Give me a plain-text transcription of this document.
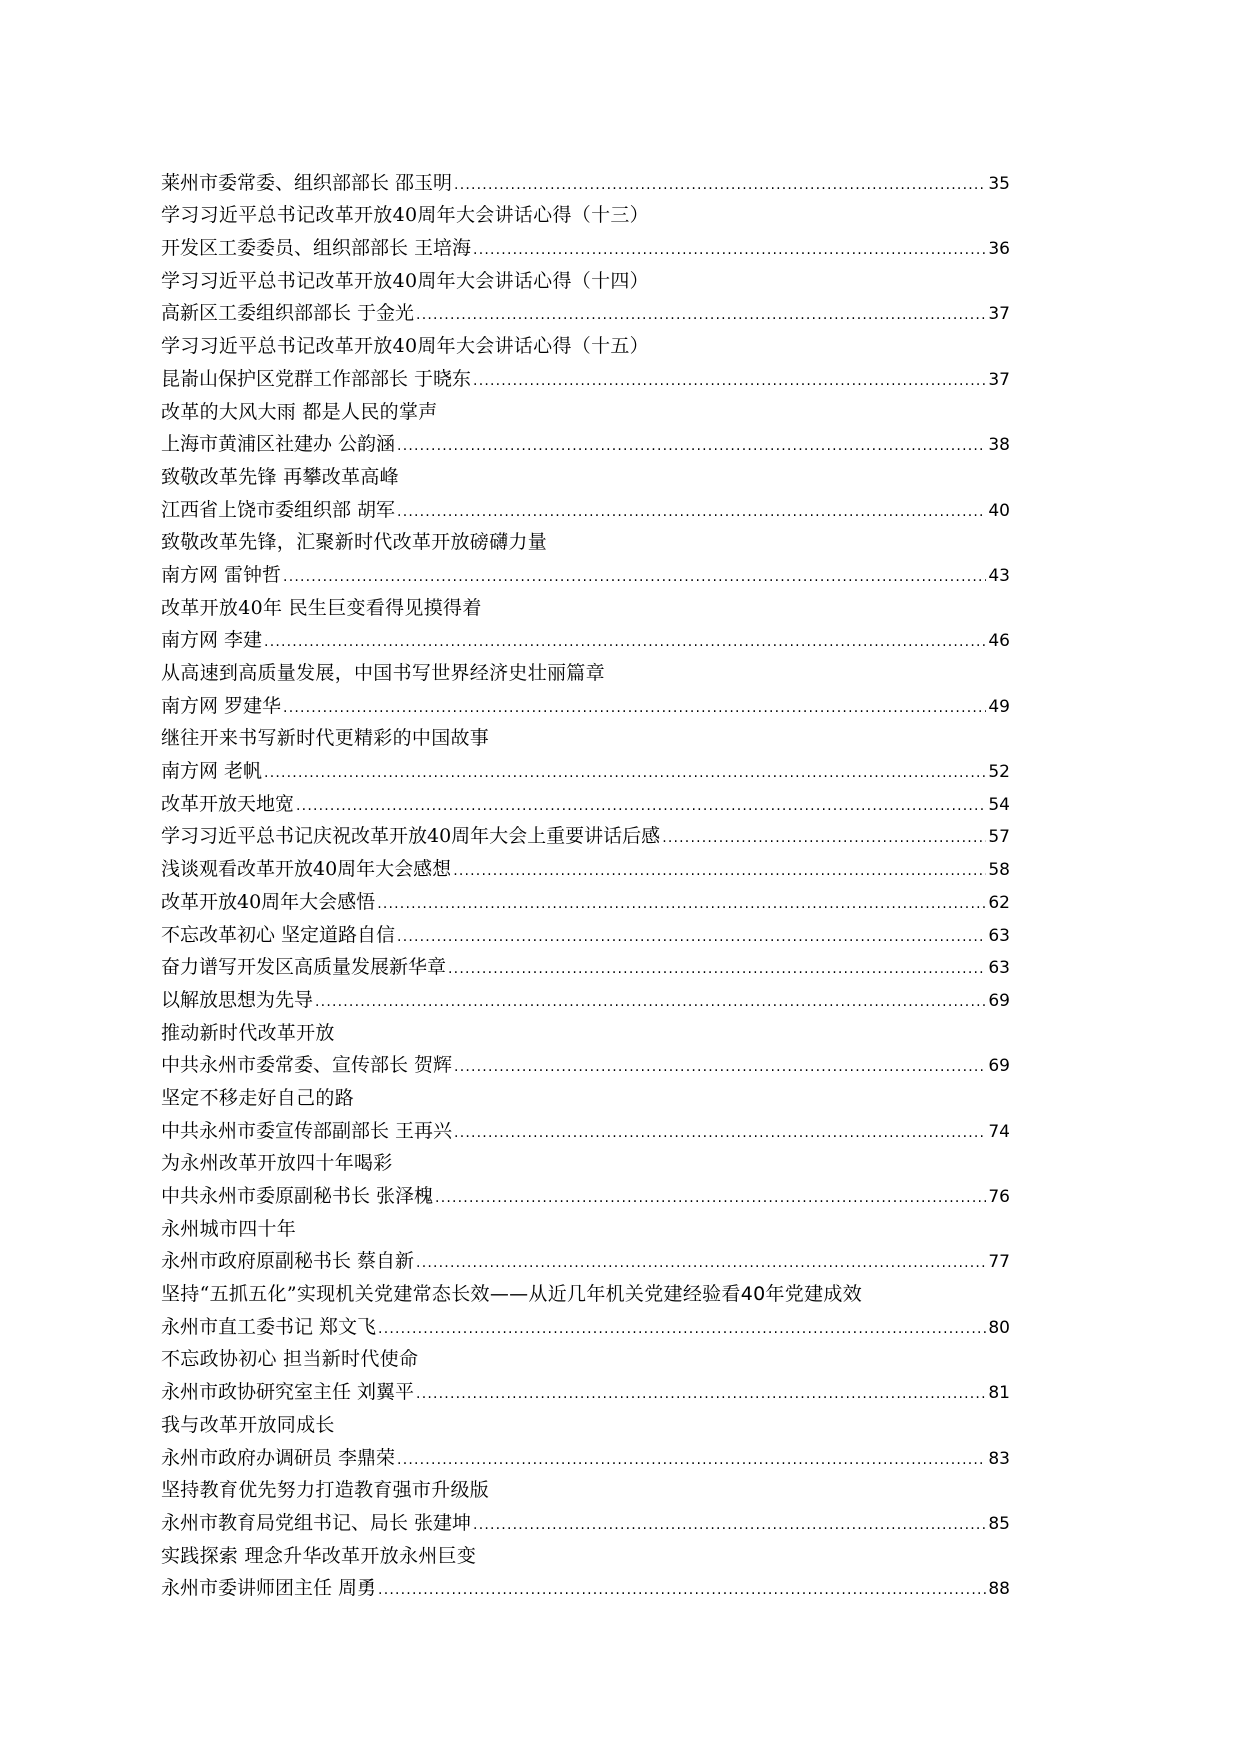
莱州市委常委、组织部部长 邵玉明 .....	35
学习习近平总书记改革开放40周年大会讲话心得（十三）
开发区工委委员、组织部部长 王培海 .....	36
学习习近平总书记改革开放40周年大会讲话心得（十四）
高新区工委组织部部长 于金光 .....	37
学习习近平总书记改革开放40周年大会讲话心得（十五）
昆嵛山保护区党群工作部部长 于晓东 .....	37
改革的大风大雨 都是人民的掌声
上海市黄浦区社建办 公韵涵 .....	38
致敬改革先锋 再攀改革高峰
江西省上饶市委组织部 胡军 .....	40
致敬改革先锋，汇聚新时代改革开放磅礴力量
南方网 雷钟哲 .....	43
改革开放40年 民生巨变看得见摸得着
南方网 李建 .....	46
从高速到高质量发展，中国书写世界经济史壮丽篇章
南方网 罗建华 .....	49
继往开来书写新时代更精彩的中国故事
南方网 老帆 .....	52
改革开放天地宽 .....	54
学习习近平总书记庆祝改革开放40周年大会上重要讲话后感 .....	57
浅谈观看改革开放40周年大会感想 .....	58
改革开放40周年大会感悟 .....	62
不忘改革初心 坚定道路自信 .....	63
奋力谱写开发区高质量发展新华章 .....	63
以解放思想为先导 .....	69
推动新时代改革开放
中共永州市委常委、宣传部长 贺辉 .....	69
坚定不移走好自己的路
中共永州市委宣传部副部长 王再兴 .....	74
为永州改革开放四十年喝彩
中共永州市委原副秘书长 张泽槐 .....	76
永州城市四十年
永州市政府原副秘书长 蔡自新 .....	77
坚持“五抓五化”实现机关党建常态长效 ——从近几年机关党建经验看40年党建成效
永州市直工委书记 郑文飞 .....	80
不忘政协初心 担当新时代使命
永州市政协研究室主任 刘翼平 .....	81
我与改革开放同成长
永州市政府办调研员 李鼎荣 .....	83
坚持教育优先努力打造教育强市升级版
永州市教育局党组书记、局长 张建坤 .....	85
实践探索 理念升华改革开放永州巨变
永州市委讲师团主任 周勇 .....	88
